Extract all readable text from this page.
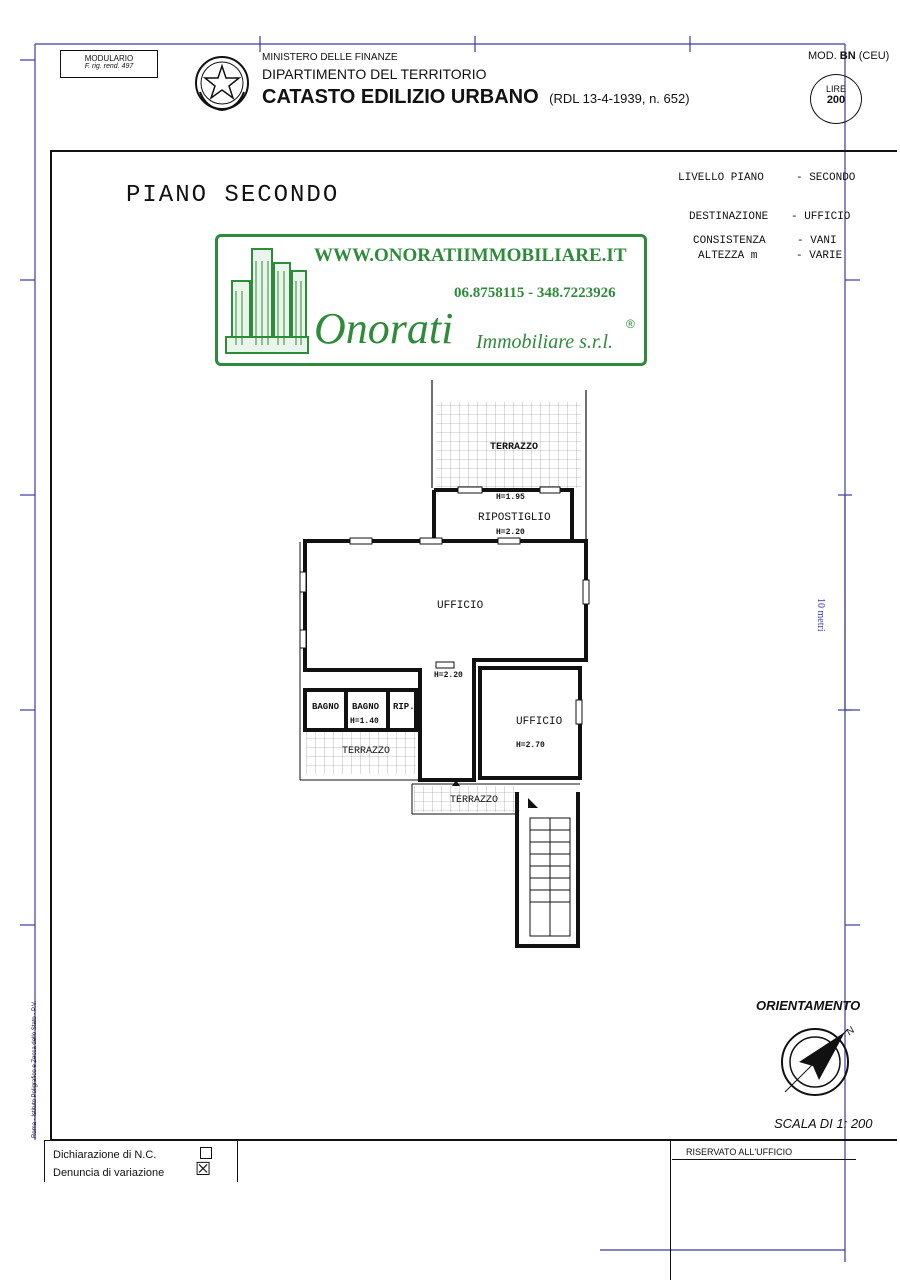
MODULARIO
F. rig. rend. 497
MINISTERO DELLE FINANZE
DIPARTIMENTO DEL TERRITORIO
CATASTO EDILIZIO URBANO (RDL 13-4-1939, n. 652)
MOD. BN (CEU)
LIRE
200
PIANO SECONDO
LIVELLO PIANO	- SECONDO
DESTINAZIONE	- UFFICIO
CONSISTENZA	- VANI
ALTEZZA m	- VARIE
WWW.ONORATIIMMOBILIARE.IT
06.8758115 - 348.7223926
Onorati Immobiliare s.r.l.
®
TERRAZZO
H=1.95
RIPOSTIGLIO
H=2.20
UFFICIO
H=2.20
BAGNO BAGNO
H=1.40
RIP.
TERRAZZO
UFFICIO
H=2.70
TERRAZZO
10 metri
ORIENTAMENTO
N
SCALA DI 1: 200
Roma - Istituto Poligrafico e Zecca dello Stato - P.V.
Dichiarazione di N.C.
Denuncia di variazione ☒
RISERVATO ALL'UFFICIO
